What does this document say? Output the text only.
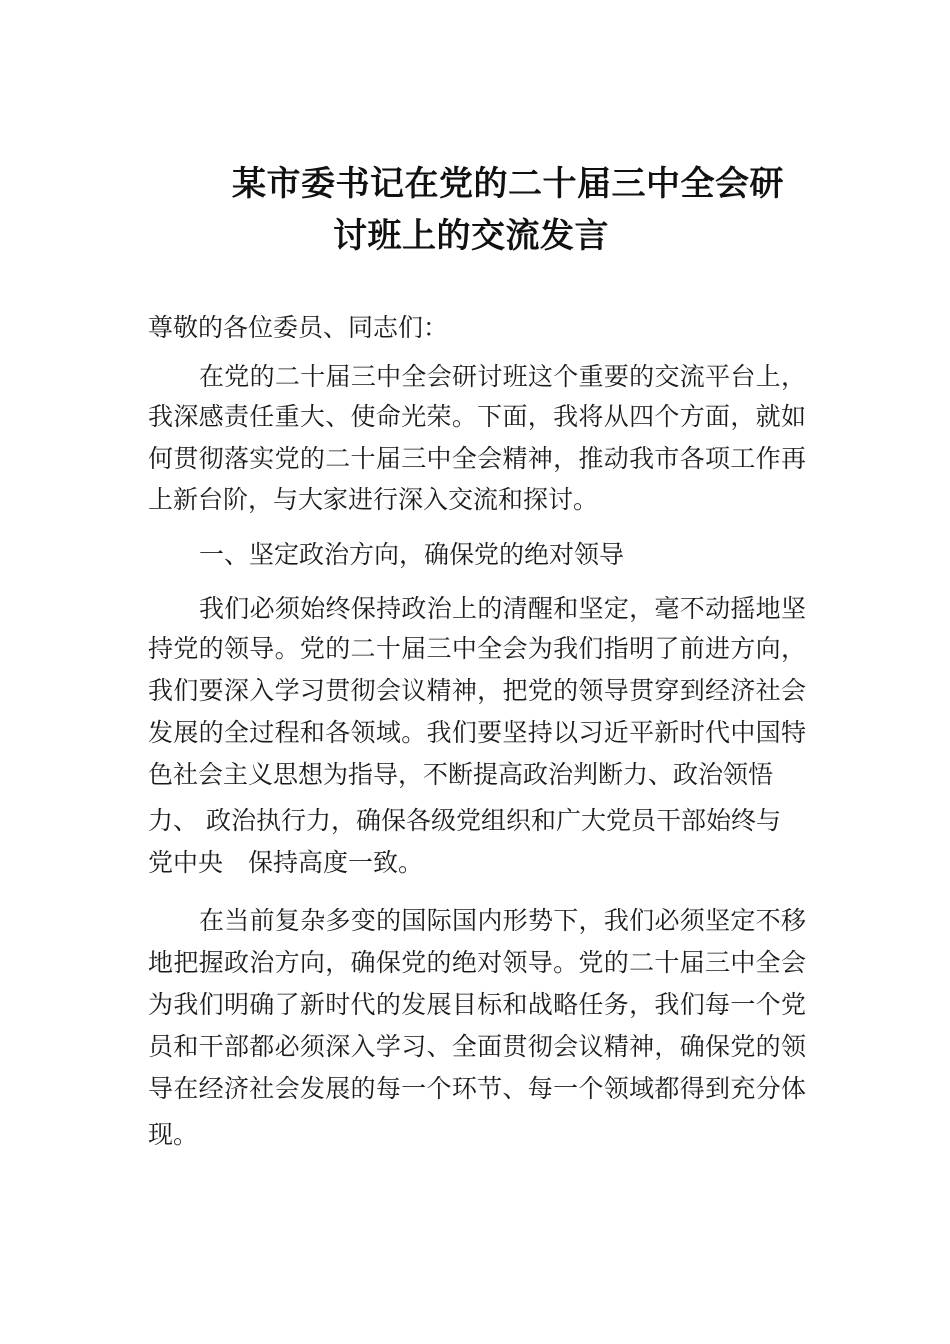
某市委书记在党的二十届三中全会研
讨班上的交流发言
尊敬的各位委员、同志们：
在党的二十届三中全会研讨班这个重要的交流平台上，
我深感责任重大、使命光荣。下面，我将从四个方面，就如
何贯彻落实党的二十届三中全会精神，推动我市各项工作再
上新台阶，与大家进行深入交流和探讨。
一、坚定政治方向，确保党的绝对领导
我们必须始终保持政治上的清醒和坚定，毫不动摇地坚
持党的领导。党的二十届三中全会为我们指明了前进方向，
我们要深入学习贯彻会议精神，把党的领导贯穿到经济社会
发展的全过程和各领域。我们要坚持以习近平新时代中国特
色社会主义思想为指导，不断提高政治判断力、政治领悟
力、 政治执行力，确保各级党组织和广大党员干部始终与
党中央　保持高度一致。
在当前复杂多变的国际国内形势下，我们必须坚定不移
地把握政治方向，确保党的绝对领导。党的二十届三中全会
为我们明确了新时代的发展目标和战略任务，我们每一个党
员和干部都必须深入学习、全面贯彻会议精神，确保党的领
导在经济社会发展的每一个环节、每一个领域都得到充分体
现。
